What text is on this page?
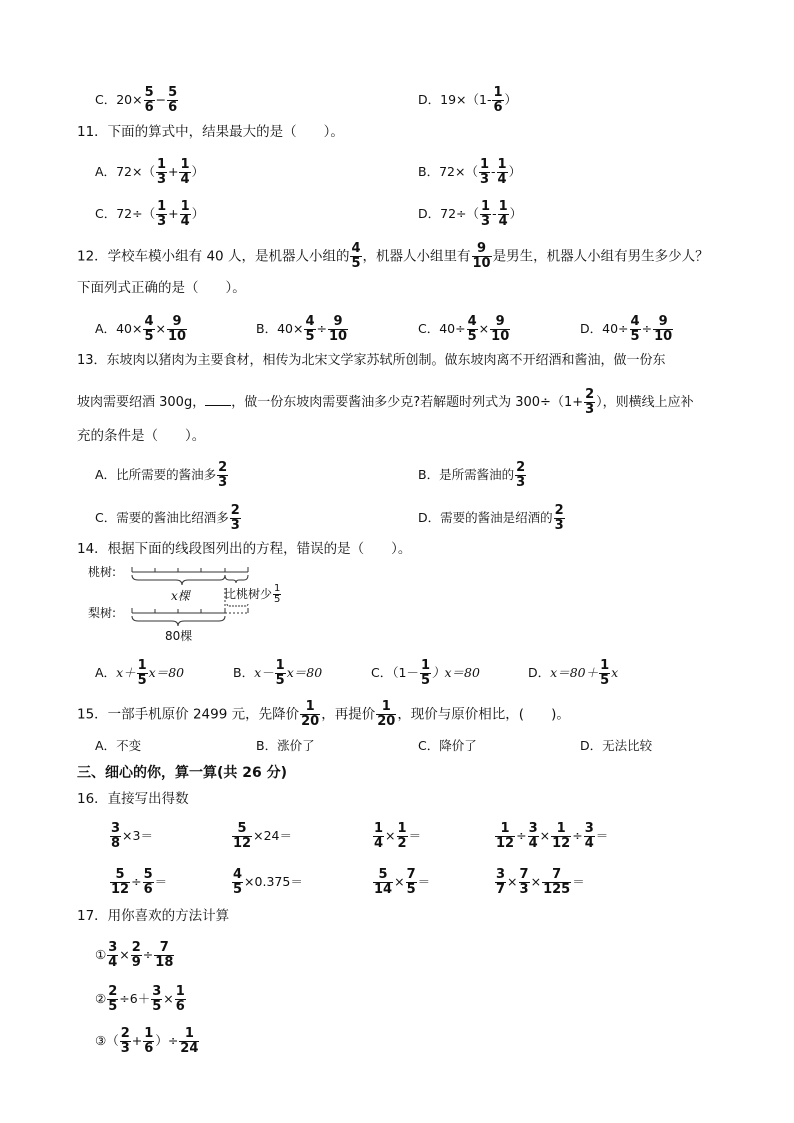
C．$20\times \frac{5}{6} - \frac{5}{6}$	D．$19\times(1- \frac{1}{6}$ ）
11．下面的算式中，结果最大的是（　　）。
A．$72\times( \frac{1}{3} + \frac{1}{4}$ ）	B．$72\times( \frac{1}{3} - \frac{1}{4}$ ）
C．$72\div( \frac{1}{3} + \frac{1}{4}$ ）	D．$72\div( \frac{1}{3} - \frac{1}{4}$ ）
12．学校车模小组有 40 人，是机器人小组的 $\frac{4}{5}$ ，机器人小组里有 $\frac{9}{10}$ 是男生，机器人小组有男生多少人？
下面列式正确的是（　　）。
A．$40\times \frac{4}{5} \times \frac{9}{10}$	B．$40\times \frac{4}{5} \div \frac{9}{10}$	C．$40\div \frac{4}{5} \times \frac{9}{10}$	D．$40\div \frac{4}{5} \div \frac{9}{10}$
13．东坡肉以猪肉为主要食材，相传为北宋文学家苏轼所创制。做东坡肉离不开绍酒和酱油，做一份东
坡肉需要绍酒 300g， ，做一份东坡肉需要酱油多少克?若解题时列式为 $300\div(1+ \frac{2}{3}$ ），则横线上应补
充的条件是（　　）。
A．比所需要的酱油多 $\frac{2}{3}$	B．是所需酱油的 $\frac{2}{3}$
C．需要的酱油比绍酒多 $\frac{2}{3}$	D．需要的酱油是绍酒的 $\frac{2}{3}$
14．根据下面的线段图列出的方程，错误的是（　　）。
桃树:
梨树:
x棵	比桃树少 $\frac{1}{5}$
80棵
A．$x+ \frac{1}{5} x=80$	B．$x- \frac{1}{5} x=80$	C．$(1- \frac{1}{5} )x=80$	D．$x=80+ \frac{1}{5}$ x
15．一部手机原价 2499 元，先降价 $\frac{1}{20}$ ，再提价 $\frac{1}{20}$ ，现价与原价相比，(　　)。
A．不变	B．涨价了	C．降价了	D．无法比较
三、细心的你，算一算(共 26 分)
16．直接写出得数
$\frac{3}{8} \times 3=$	$\frac{5}{12} \times 24=$	$\frac{1}{4} \times \frac{1}{2}$ ＝	$\frac{1}{12} \div \frac{3}{4} \times \frac{1}{12} \div \frac{3}{4}$ ＝
$\frac{5}{12} \div \frac{5}{6}$ ＝	$\frac{4}{5} \times 0.375=$	$\frac{5}{14} \times \frac{7}{5}$ ＝	$\frac{3}{7} \times \frac{7}{3} \times \frac{7}{125}$ ＝
17．用你喜欢的方法计算
① $\frac{3}{4} \times \frac{2}{9} \div \frac{7}{18}$
② $\frac{2}{5} \div 6+ \frac{3}{5} \times \frac{1}{6}$
③（ $\frac{2}{3} + \frac{1}{6}$ ）÷ $\frac{1}{24}$
